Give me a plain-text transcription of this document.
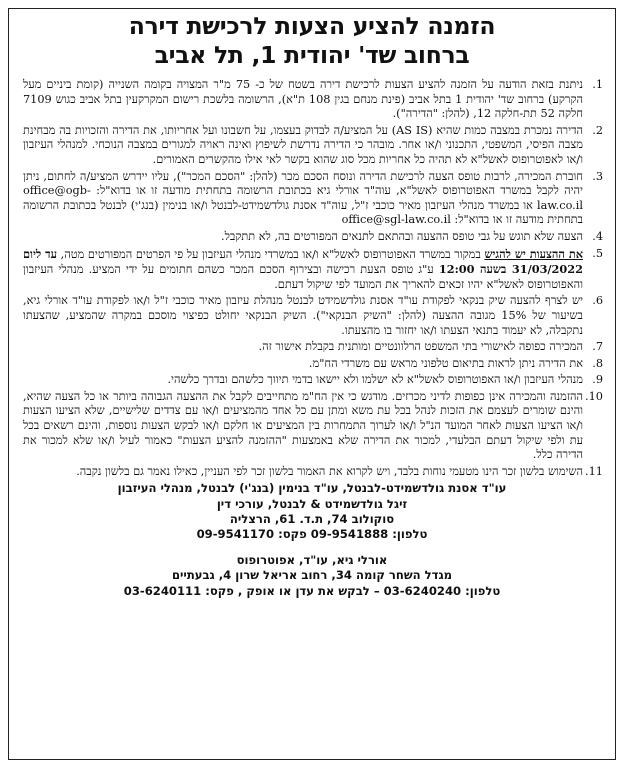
הזמנה להציע הצעות לרכישת דירה
ברחוב שד' יהודית 1, תל אביב
1.
ניתנת בזאת הודעה על הזמנה להציע הצעות לרכישת דירה בשטח של כ- 75 מ"ר המצויה בקומה השנייה (קומת ביניים מעל הקרקע) ברחוב שד' יהודית 1 בתל אביב (פינת מנחם בגין 108 ת"א), הרשומה בלשכת רישום המקרקעין בתל אביב כגוש 7109 חלקה 52 תת-חלקה 12, (להלן: "הדירה").
2.
הדירה נמכרת במצבה כמות שהיא (AS IS) על המציע/ה לבדוק בעצמו, על חשבונו ועל אחריותו, את הדירה והזכויות בה מבחינת מצבה הפיסי, המשפטי, התכנוני ו/או אחר. מובהר כי הדירה נדרשת לשיפוץ ואינה ראויה למגורים במצבה הנוכחי. למנהלי העיזבון ו/או לאפוטרופוס לאשל"א לא תהיה כל אחריות מכל סוג שהוא בקשר לאי אילו מהקשרים האמורים.
3.
חוברת המכירה, לרבות טופס הצעה לרכישת הדירה ונוסח הסכם מכר (להלן: "הסכם המכר"), עליו יידרש המציע/ה לחתום, ניתן יהיה לקבל במשרד האפוטרופוס לאשל"א, עוה"ד אורלי גיא בכתובת הרשומה בתחתית מודעה זו או בדוא"ל: office@ogb-law.co.il או במשרד מנהלי העיזבון מאיר כוכבי ז"ל, עוה"ד אסנת גולדשמידט-לבנטל ו/או בנימין (בנג'י) לבנטל בכתובת הרשומה בתחתית מודעה זו או בדוא"ל: office@sgl-law.co.il
4.
הצעה שלא תוגש על גבי טופס ההצעה ובהתאם לתנאים המפורטים בה, לא תתקבל.
5.
את ההצעות יש להגיש במקור במשרד האפוטרופוס לאשל"א ו/או במשרדי מנהלי העיזבון על פי הפרטים המפורטים מטה, עד ליום 31/03/2022 בשעה 12:00 ע"ג טופס הצעת רכישה ובצירוף הסכם המכר כשהם חתומים על ידי המציע. מנהלי העיזבון והאפוטרופוס לאשל"א יהיו זכאים להאריך את המועד לפי שיקול דעתם.
6.
יש לצרף להצעה שיק בנקאי לפקודת עו"ד אסנת גולדשמידט לבנטל מנהלת עיזבון מאיר כוכבי ז"ל ו/או לפקודת עו"ד אורלי גיא, בשיעור של 15% מגובה ההצעה (להלן: "השיק הבנקאי"). השיק הבנקאי יחולט כפיצוי מוסכם במקרה שהמציע, שהצעתו נתקבלה, לא יעמוד בתנאי הצעתו ו/או יחזור בו מהצעתו.
7.
המכירה כפופה לאישורי בתי המשפט הרלוונטיים ומותנית בקבלת אישור זה.
8.
את הדירה ניתן לראות בתיאום טלפוני מראש עם משרדי הח"מ.
9.
מנהלי העיזבון ו/או האפוטרופוס לאשל"א לא ישלמו ולא יישאו בדמי תיווך כלשהם ובדרך כלשהי.
10.
ההזמנה והמכירה אינן כפופות לדיני מכרזים. מודגש כי אין הח"מ מתחייבים לקבל את ההצעה הגבוהה ביותר או כל הצעה שהיא, והינם שומרים לעצמם את הזכות לנהל בכל עת משא ומתן עם כל אחד מהמציעים ו/או עם צדדים שלישיים, שלא הציעו הצעות ו/או הציעו הצעות לאחר המועד הנ"ל ו/או לערוך התמחרות בין המציעים או חלקם ו/או לבקש הצעות נוספות, והינם רשאים בכל עת ולפי שיקול דעתם הבלעדי, למכור את הדירה שלא באמצעות "ההזמנה להציע הצעות" כאמור לעיל ו/או שלא למכור את הדירה כלל.
11.
השימוש בלשון זכר הינו מטעמי נוחות בלבד, ויש לקרוא את האמור בלשון זכר לפי העניין, כאילו נאמר גם בלשון נקבה.
עו"ד אסנת גולדשמידט-לבנטל, עו"ד בנימין (בנג'י) לבנטל, מנהלי העיזבון
זיגל גולדשמידט & לבנטל, עורכי דין
סוקולוב 74, ת.ד. 61, הרצליה
טלפון: 09-9541888 פקס: 09-9541170
אורלי גיא, עו"ד, אפוטרופוס
מגדל השחר קומה 34, רחוב אריאל שרון 4, גבעתיים
טלפון: 03-6240240 – לבקש את עדן או אופק , פקס: 03-6240111
